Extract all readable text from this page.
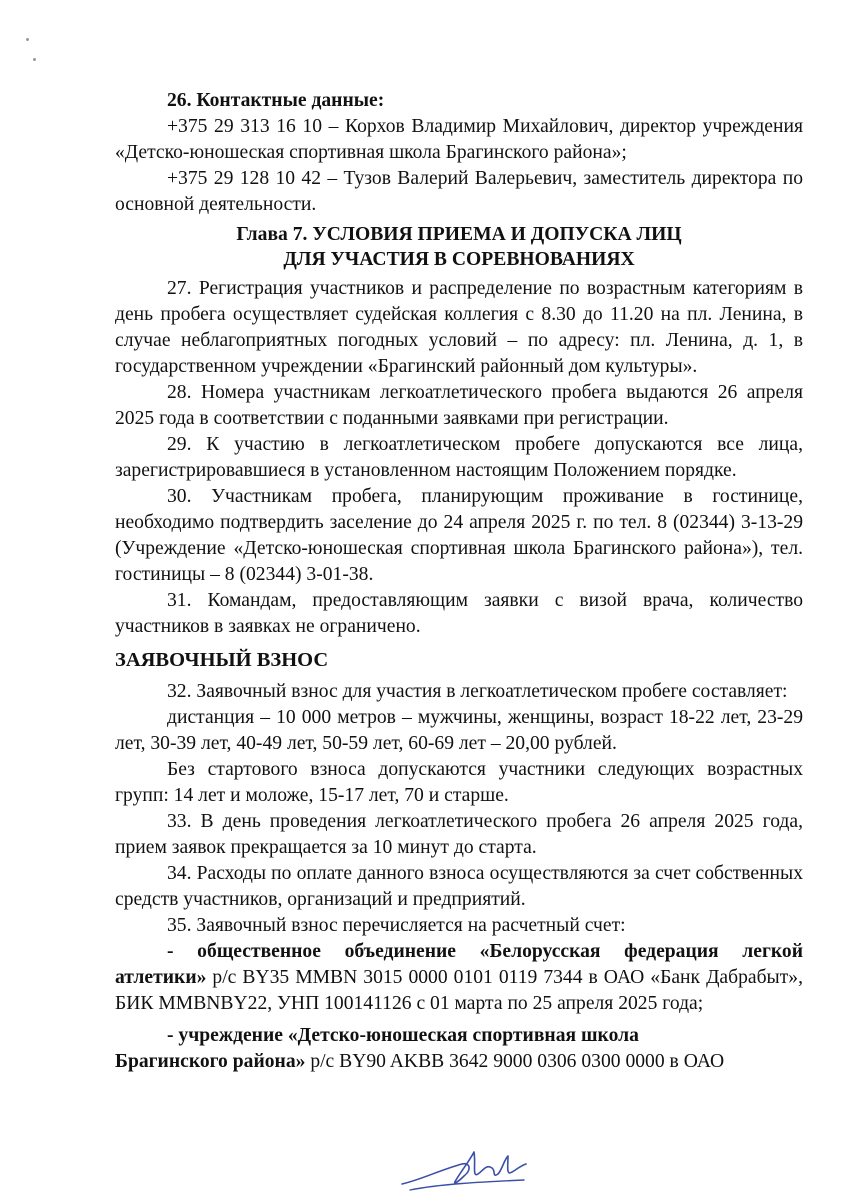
26. Контактные данные:

+375 29 313 16 10 – Корхов Владимир Михайлович, директор учреждения «Детско-юношеская спортивная школа Брагинского района»;

+375 29 128 10 42 – Тузов Валерий Валерьевич, заместитель директора по основной деятельности.

Глава 7. УСЛОВИЯ ПРИЕМА И ДОПУСКА ЛИЦ
ДЛЯ УЧАСТИЯ В СОРЕВНОВАНИЯХ

27. Регистрация участников и распределение по возрастным категориям в день пробега осуществляет судейская коллегия с 8.30 до 11.20 на пл. Ленина, в случае неблагоприятных погодных условий – по адресу: пл. Ленина, д. 1, в государственном учреждении «Брагинский районный дом культуры».

28. Номера участникам легкоатлетического пробега выдаются 26 апреля 2025 года в соответствии с поданными заявками при регистрации.

29. К участию в легкоатлетическом пробеге допускаются все лица, зарегистрировавшиеся в установленном настоящим Положением порядке.

30. Участникам пробега, планирующим проживание в гостинице, необходимо подтвердить заселение до 24 апреля 2025 г. по тел. 8 (02344) 3-13-29 (Учреждение «Детско-юношеская спортивная школа Брагинского района»), тел. гостиницы – 8 (02344) 3-01-38.

31. Командам, предоставляющим заявки с визой врача, количество участников в заявках не ограничено.

ЗАЯВОЧНЫЙ ВЗНОС

32. Заявочный взнос для участия в легкоатлетическом пробеге составляет:

дистанция – 10 000 метров – мужчины, женщины, возраст 18-22 лет, 23-29 лет, 30-39 лет, 40-49 лет, 50-59 лет, 60-69 лет – 20,00 рублей.

Без стартового взноса допускаются участники следующих возрастных групп: 14 лет и моложе, 15-17 лет, 70 и старше.

33. В день проведения легкоатлетического пробега 26 апреля 2025 года, прием заявок прекращается за 10 минут до старта.

34. Расходы по оплате данного взноса осуществляются за счет собственных средств участников, организаций и предприятий.

35. Заявочный взнос перечисляется на расчетный счет:

- общественное объединение «Белорусская федерация легкой атлетики» р/с BY35 MMBN 3015 0000 0101 0119 7344 в ОАО «Банк Дабрабыт», БИК MMBNBY22, УНП 100141126 с 01 марта по 25 апреля 2025 года;

- учреждение «Детско-юношеская спортивная школа

Брагинского района» р/с BY90 AKBB 3642 9000 0306 0300 0000 в ОАО
